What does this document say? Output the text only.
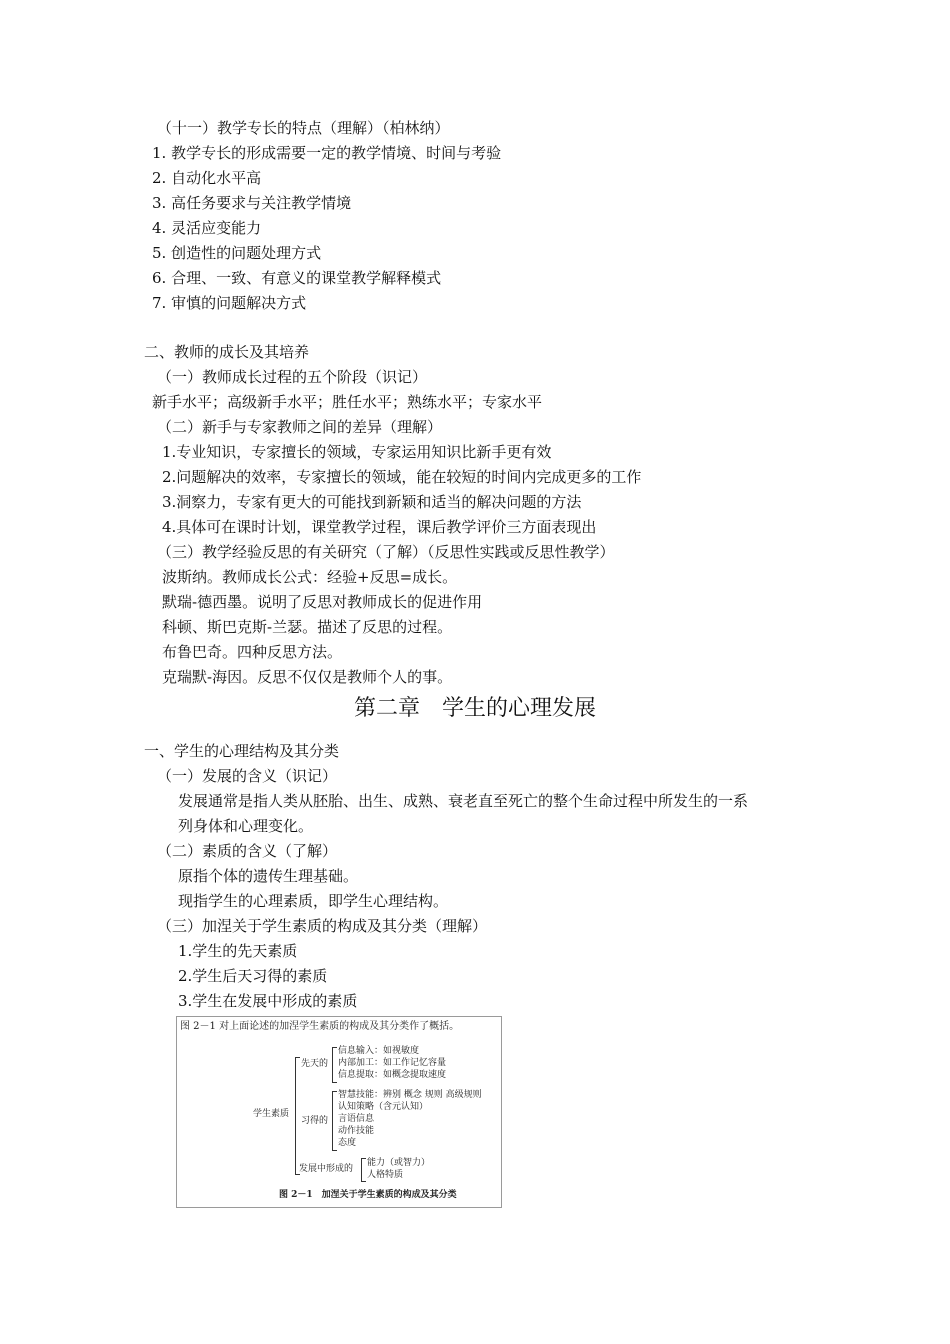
（十一）教学专长的特点（理解）（柏林纳）
1. 教学专长的形成需要一定的教学情境、时间与考验
2. 自动化水平高
3. 高任务要求与关注教学情境
4. 灵活应变能力
5. 创造性的问题处理方式
6. 合理、一致、有意义的课堂教学解释模式
7. 审慎的问题解决方式
二、教师的成长及其培养
（一）教师成长过程的五个阶段（识记）
新手水平；高级新手水平；胜任水平；熟练水平；专家水平
（二）新手与专家教师之间的差异（理解）
1.专业知识，专家擅长的领域，专家运用知识比新手更有效
2.问题解决的效率，专家擅长的领域，能在较短的时间内完成更多的工作
3.洞察力，专家有更大的可能找到新颖和适当的解决问题的方法
4.具体可在课时计划，课堂教学过程，课后教学评价三方面表现出
（三）教学经验反思的有关研究（了解）（反思性实践或反思性教学）
波斯纳。教师成长公式：经验+反思=成长。
默瑞-德西墨。说明了反思对教师成长的促进作用
科顿、斯巴克斯-兰瑟。描述了反思的过程。
布鲁巴奇。四种反思方法。
克瑞默-海因。反思不仅仅是教师个人的事。
第二章　学生的心理发展
一、学生的心理结构及其分类
（一）发展的含义（识记）
发展通常是指人类从胚胎、出生、成熟、衰老直至死亡的整个生命过程中所发生的一系
列身体和心理变化。
（二）素质的含义（了解）
原指个体的遗传生理基础。
现指学生的心理素质，即学生心理结构。
（三）加涅关于学生素质的构成及其分类（理解）
1.学生的先天素质
2.学生后天习得的素质
3.学生在发展中形成的素质
图 2－1 对上面论述的加涅学生素质的构成及其分类作了概括。
学生素质
先天的
信息输入：如视敏度
内部加工：如工作记忆容量
信息提取：如概念提取速度
习得的
智慧技能：辨别 概念 规则 高级规则
认知策略（含元认知）
言语信息
动作技能
态度
发展中形成的
能力（或智力）
人格特质
图 2－1　加涅关于学生素质的构成及其分类
